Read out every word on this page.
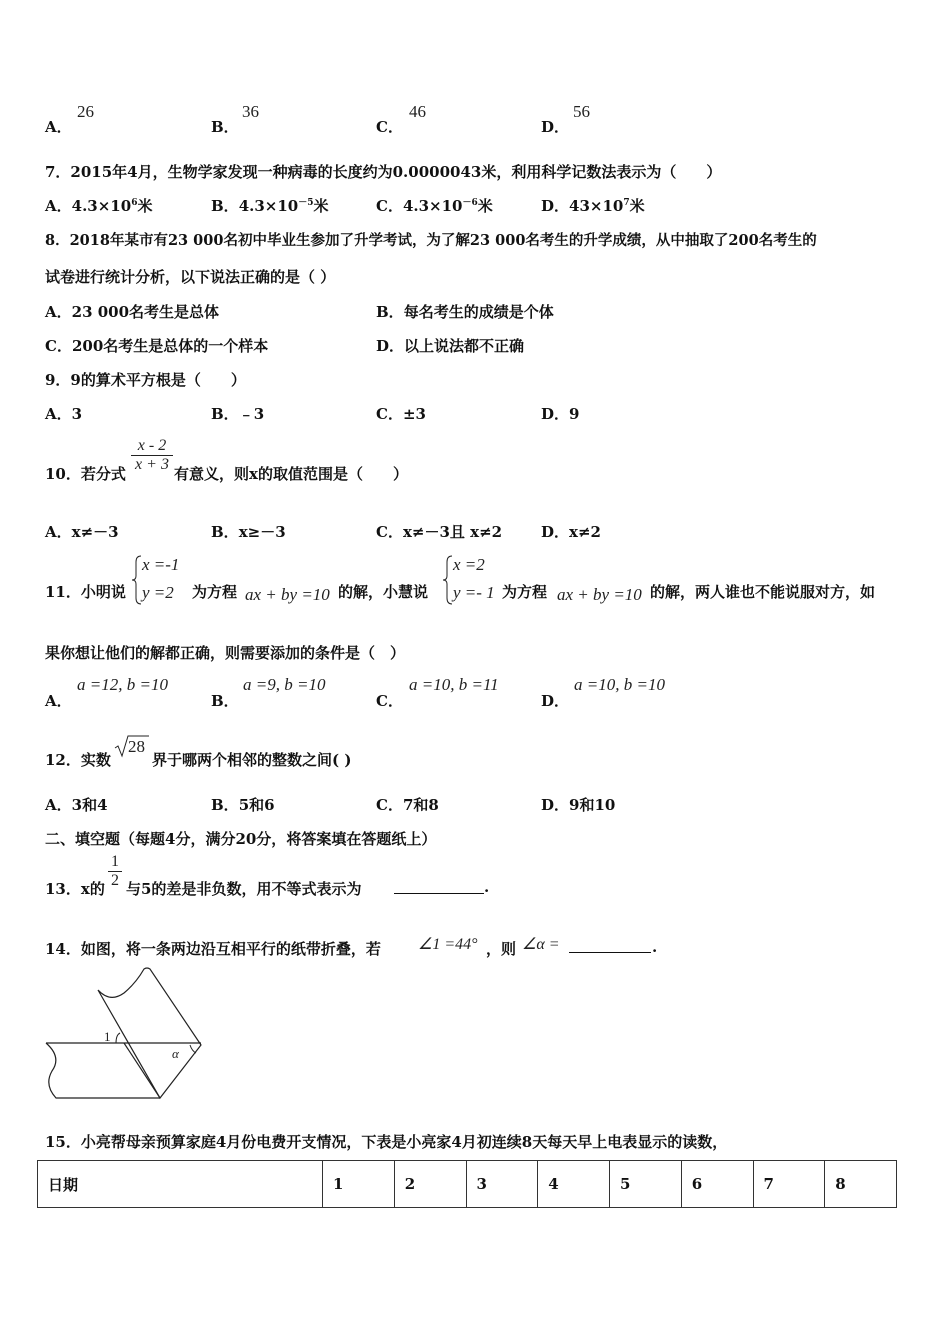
A．
26
B．
36
C．
46
D．
56
7．2015年4月，生物学家发现一种病毒的长度约为0.0000043米，利用科学记数法表示为（　　）
A．$4.3\times 10^6$米	B．$4.3\times 10^{-5}$米	C．$4.3\times 10^{-6}$米	D．$43\times 10^7$米
8．2018年某市有23 000名初中毕业生参加了升学考试，为了解23 000名考生的升学成绩，从中抽取了200名考生的
试卷进行统计分析，以下说法正确的是（ ）
A．23 000名考生是总体	B．每名考生的成绩是个体
C．200名考生是总体的一个样本	D．以上说法都不正确
9．9的算术平方根是（　　）
A．3	B．﹣3	C．±3	D．9
10．若分式 $\frac{x - 2}{x + 3}$ 有意义，则x的取值范围是（　　）
A．x≠－3	B．x≥－3	C．x≠－3且 x≠2	D．x≠2
11．小明说
x =-1
y =2 为方程 ax + by =10 的解，小慧说
x =2
y =- 1 为方程 ax + by =10 的解，两人谁也不能说服对方，如
果你想让他们的解都正确，则需要添加的条件是（　）
A．
a =12, b =10
B．
a =9, b =10
C．
a =10, b =11
D．
a =10, b =10
12．实数
28
界于哪两个相邻的整数之间( )
A．3和4	B．5和6	C．7和8	D．9和10
二、填空题（每题4分，满分20分，将答案填在答题纸上）
13．x的 $\frac{1}{2}$ 与5的差是非负数，用不等式表示为	.
14．如图，将一条两边沿互相平行的纸带折叠，若 ∠1 =44° ，则 ∠α =	.
1
α
15．小亮帮母亲预算家庭4月份电费开支情况，下表是小亮家4月初连续8天每天早上电表显示的读数，
日期	1	2	3	4	5	6	7	8
